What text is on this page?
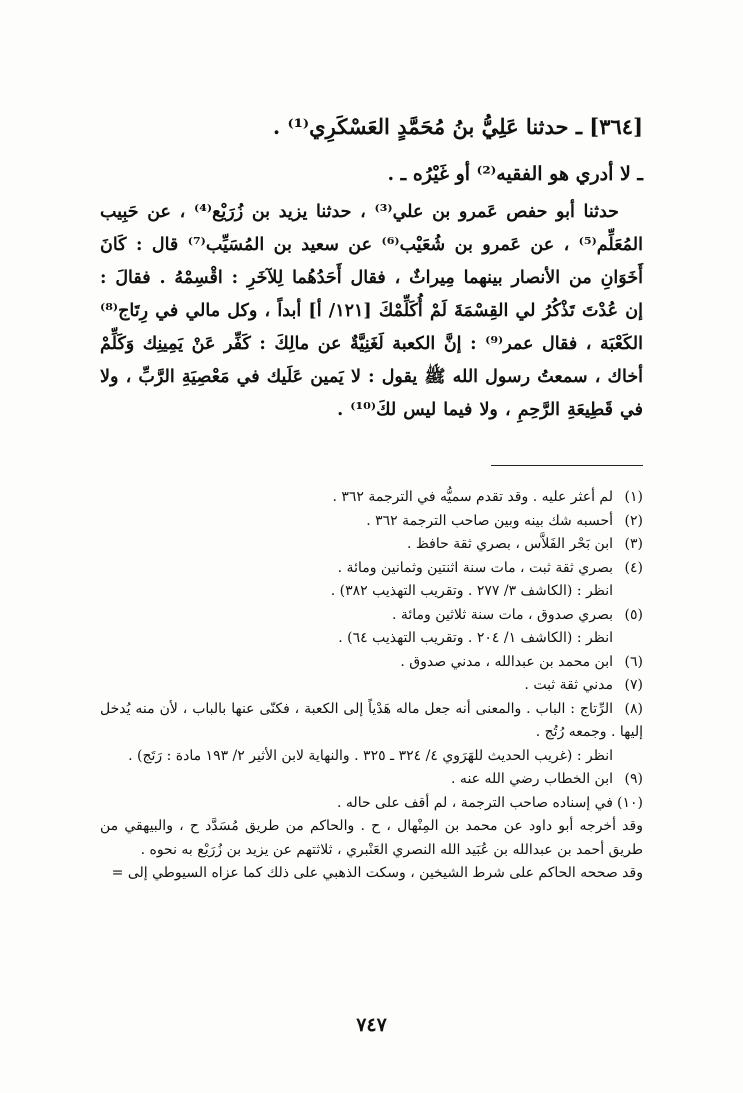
[٣٦٤] ـ حدثنا عَلِيُّ بنُ مُحَمَّدٍ العَسْكَرِي⁽¹⁾ .
ـ لا أدري هو الفقيه⁽²⁾ أو غَيْرُه ـ .

حدثنا أبو حفص عَمرو بن علي⁽³⁾ ، حدثنا يزيد بن زُرَيْع⁽⁴⁾ ، عن حَبِيب المُعَلِّم⁽⁵⁾ ، عن عَمرو بن شُعَيْب⁽⁶⁾ عن سعيد بن المُسَيِّب⁽⁷⁾ قال : كَانَ أَخَوَانِ من الأنصار بينهما مِيراثٌ ، فقال أَحَدُهُما لِلآخَرِ : اقْسِمْهُ . فقالَ : إن عُدْتَ تَذْكُرُ لي القِسْمَةَ لَمْ أُكَلِّمْكَ [١٢١/ أ] أبداً ، وكل مالي في رِتَاج⁽⁸⁾ الكَعْبَة ، فقال عمر⁽⁹⁾ : إنَّ الكعبة لَغَنِيَّةٌ عن مالِكَ : كَفِّر عَنْ يَمِينِك وَكَلِّمْ أخاك ، سمعتُ رسول الله ﷺ يقول : لا يَمين عَلَيك في مَعْصِيَةِ الرَّبِّ ، ولا في قَطِيعَةِ الرَّحِمِ ، ولا فيما ليس لكَ⁽¹⁰⁾ .

(١)لم أعثر عليه . وقد تقدم سميُّه في الترجمة ٣٦٢ .
(٢)أحسبه شك بينه وبين صاحب الترجمة ٣٦٢ .
(٣)ابن بَحْر الفَلاَّس ، بصري ثقة حافظ .
(٤)بصري ثقة ثبت ، مات سنة اثنتين وثمانين ومائة .
انظر : (الكاشف ٣/ ٢٧٧ . وتقريب التهذيب ٣٨٢) .
(٥)بصري صدوق ، مات سنة ثلاثين ومائة .
انظر : (الكاشف ١/ ٢٠٤ . وتقريب التهذيب ٦٤) .
(٦)ابن محمد بن عبدالله ، مدني صدوق .
(٧)مدني ثقة ثبت .
(٨)الرِّتاج : الباب . والمعنى أنه جعل ماله هَدْياً إلى الكعبة ، فكنّى عنها بالباب ، لأن منه يُدخل إليها . وجمعه رُتُج .
انظر : (غريب الحديث للهَرَوي ٤/ ٣٢٤ ـ ٣٢٥ . والنهاية لابن الأثير ٢/ ١٩٣ مادة : رَتَج) .
(٩)ابن الخطاب رضي الله عنه .
(١٠)في إسناده صاحب الترجمة ، لم أقف على حاله .
وقد أخرجه أبو داود عن محمد بن المِنْهال ، ح . والحاكم من طريق مُسَدَّد ح ، والبيهقي من طريق أحمد بن عبدالله بن عُبَيد الله النصري العَنْبري ، ثلاثتهم عن يزيد بن زُرَيْع به نحوه .
وقد صححه الحاكم على شرط الشيخين ، وسكت الذهبي على ذلك كما عزاه السيوطي إلى =
٧٤٧
